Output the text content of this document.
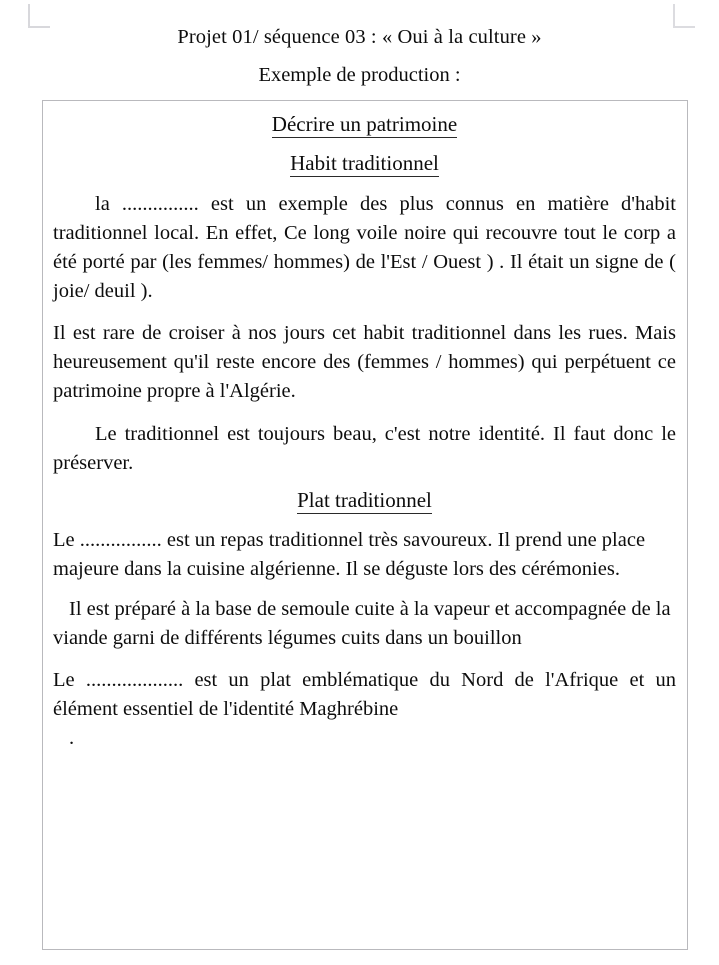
Projet 01/ séquence 03 : « Oui à la culture »
Exemple de production :

Décrire un patrimoine

Habit traditionnel

la ............... est un exemple des plus connus en matière d'habit traditionnel local. En effet, Ce long voile noire qui recouvre tout le corp a été porté par (les femmes/ hommes) de l'Est / Ouest ) . Il était un signe de ( joie/ deuil ).

Il est rare de croiser à nos jours cet habit traditionnel dans les rues. Mais heureusement qu'il reste encore des (femmes / hommes) qui perpétuent ce patrimoine propre à l'Algérie.

Le traditionnel est toujours beau, c'est notre identité. Il faut donc le préserver.

Plat traditionnel

Le ................ est un repas traditionnel très savoureux. Il prend une place majeure dans la cuisine algérienne. Il se déguste lors des cérémonies.

Il est préparé à la base de semoule cuite à la vapeur et accompagnée de la viande garni de différents légumes cuits dans un bouillon

Le ................... est un plat emblématique du Nord de l'Afrique et un élément essentiel de l'identité Maghrébine

.
